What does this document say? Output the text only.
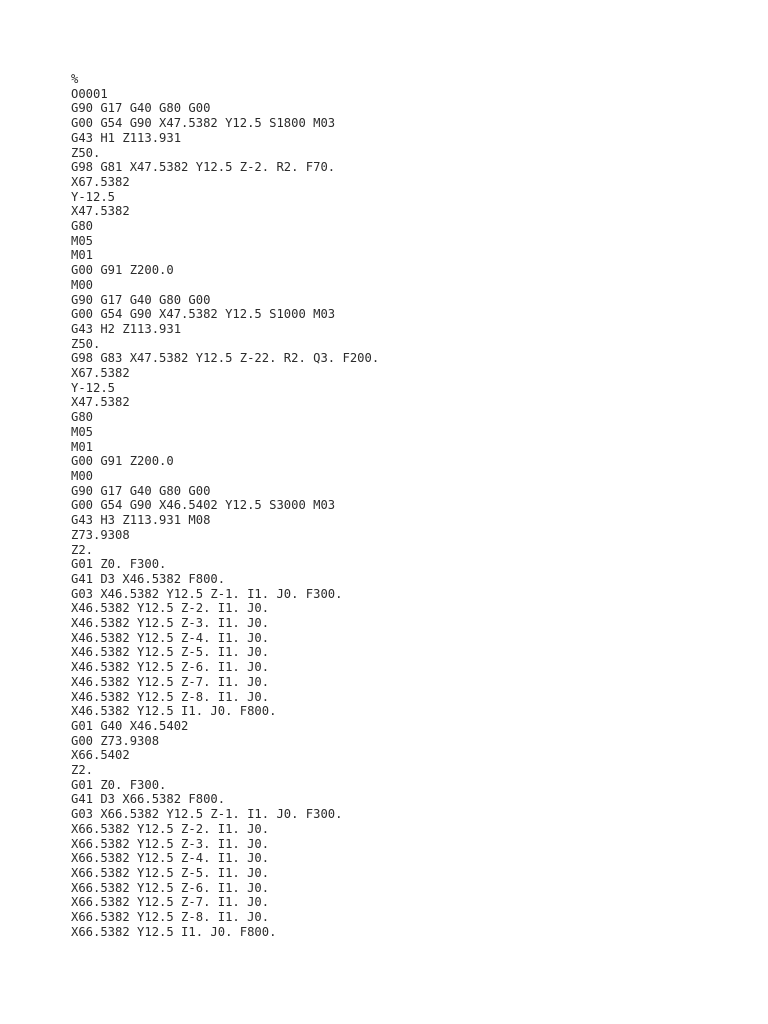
%
O0001
G90 G17 G40 G80 G00
G00 G54 G90 X47.5382 Y12.5 S1800 M03
G43 H1 Z113.931
Z50.
G98 G81 X47.5382 Y12.5 Z-2. R2. F70.
X67.5382
Y-12.5
X47.5382
G80
M05
M01
G00 G91 Z200.0
M00
G90 G17 G40 G80 G00
G00 G54 G90 X47.5382 Y12.5 S1000 M03
G43 H2 Z113.931
Z50.
G98 G83 X47.5382 Y12.5 Z-22. R2. Q3. F200.
X67.5382
Y-12.5
X47.5382
G80
M05
M01
G00 G91 Z200.0
M00
G90 G17 G40 G80 G00
G00 G54 G90 X46.5402 Y12.5 S3000 M03
G43 H3 Z113.931 M08
Z73.9308
Z2.
G01 Z0. F300.
G41 D3 X46.5382 F800.
G03 X46.5382 Y12.5 Z-1. I1. J0. F300.
X46.5382 Y12.5 Z-2. I1. J0.
X46.5382 Y12.5 Z-3. I1. J0.
X46.5382 Y12.5 Z-4. I1. J0.
X46.5382 Y12.5 Z-5. I1. J0.
X46.5382 Y12.5 Z-6. I1. J0.
X46.5382 Y12.5 Z-7. I1. J0.
X46.5382 Y12.5 Z-8. I1. J0.
X46.5382 Y12.5 I1. J0. F800.
G01 G40 X46.5402
G00 Z73.9308
X66.5402
Z2.
G01 Z0. F300.
G41 D3 X66.5382 F800.
G03 X66.5382 Y12.5 Z-1. I1. J0. F300.
X66.5382 Y12.5 Z-2. I1. J0.
X66.5382 Y12.5 Z-3. I1. J0.
X66.5382 Y12.5 Z-4. I1. J0.
X66.5382 Y12.5 Z-5. I1. J0.
X66.5382 Y12.5 Z-6. I1. J0.
X66.5382 Y12.5 Z-7. I1. J0.
X66.5382 Y12.5 Z-8. I1. J0.
X66.5382 Y12.5 I1. J0. F800.
